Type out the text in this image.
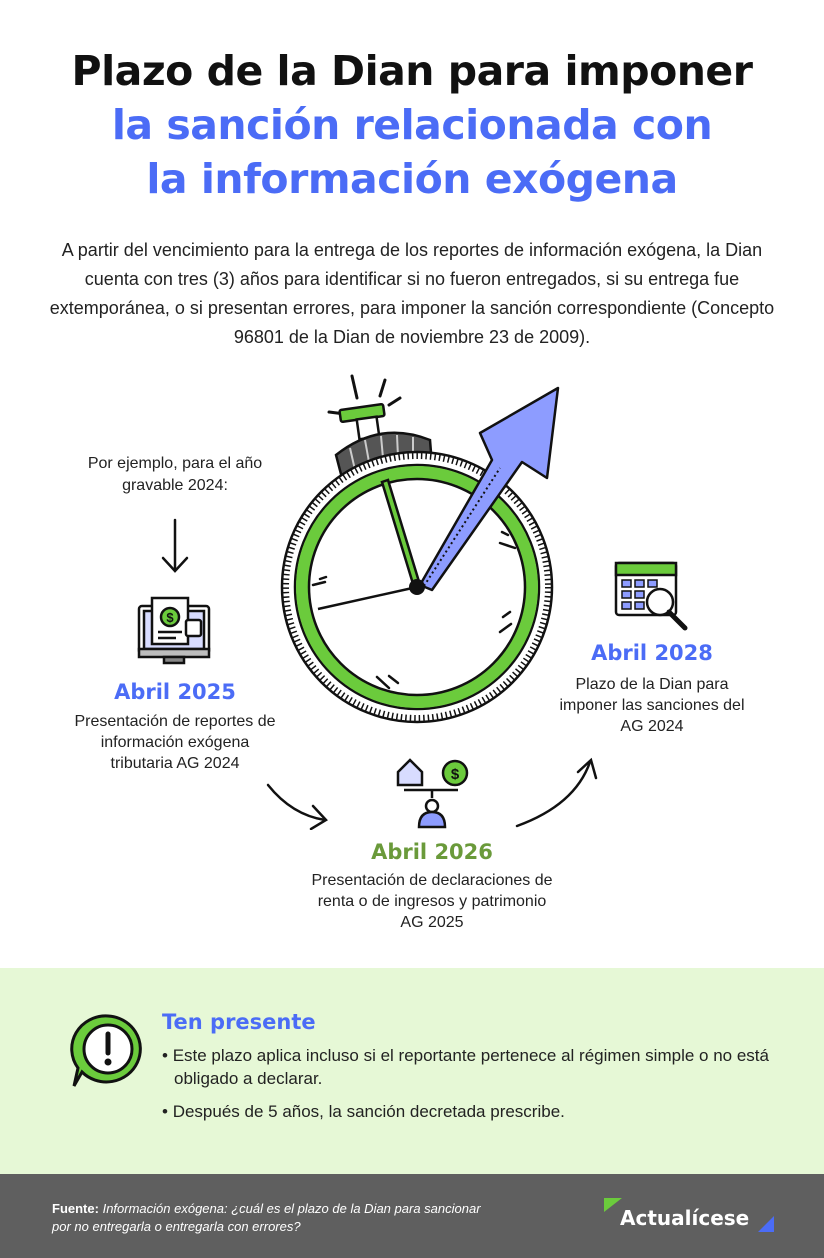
Plazo de la Dian para imponer
la sanción relacionada con
la información exógena

A partir del vencimiento para la entrega de los reportes de información exógena, la Dian cuenta con tres (3) años para identificar si no fueron entregados, si su entrega fue extemporánea, o si presentan errores, para imponer la sanción correspondiente (Concepto 96801 de la Dian de noviembre 23 de 2009).

$
$

Por ejemplo, para el año gravable 2024:

Abril 2025
Presentación de reportes de información exógena tributaria AG 2024
Abril 2026
Presentación de declaraciones de renta o de ingresos y patrimonio AG 2025
Abril 2028
Plazo de la Dian para imponer las sanciones del AG 2024
Ten presente
• Este plazo aplica incluso si el reportante pertenece al régimen simple o no está obligado a declarar.
• Después de 5 años, la sanción decretada prescribe.

Fuente: Información exógena: ¿cuál es el plazo de la Dian para sancionar por no entregarla o entregarla con errores?	Actualícese
